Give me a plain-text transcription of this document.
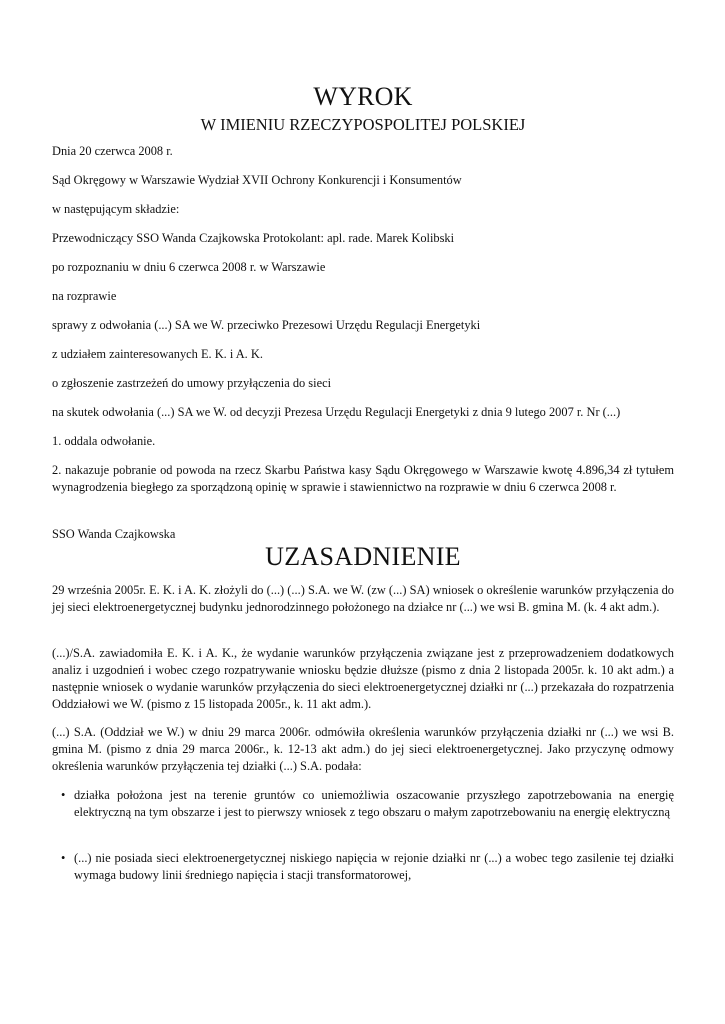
WYROK
W IMIENIU RZECZYPOSPOLITEJ POLSKIEJ
Dnia 20 czerwca 2008 r.
Sąd Okręgowy w Warszawie Wydział XVII Ochrony Konkurencji i Konsumentów
w następującym składzie:
Przewodniczący SSO Wanda Czajkowska Protokolant: apl. rade. Marek Kolibski
po rozpoznaniu w dniu 6 czerwca 2008 r. w Warszawie
na rozprawie
sprawy z odwołania (...) SA we W. przeciwko Prezesowi Urzędu Regulacji Energetyki
z udziałem zainteresowanych E. K. i A. K.
o zgłoszenie zastrzeżeń do umowy przyłączenia do sieci
na skutek odwołania (...) SA we W. od decyzji Prezesa Urzędu Regulacji Energetyki z dnia 9 lutego 2007 r. Nr (...)
1. oddala odwołanie.
2. nakazuje pobranie od powoda na rzecz Skarbu Państwa kasy Sądu Okręgowego w Warszawie kwotę 4.896,34 zł tytułem wynagrodzenia biegłego za sporządzoną opinię w sprawie i stawiennictwo na rozprawie w dniu 6 czerwca 2008 r.
SSO Wanda Czajkowska
UZASADNIENIE
29 września 2005r. E. K. i A. K. złożyli do (...) (...) S.A. we W. (zw (...) SA) wniosek o określenie warunków przyłączenia do jej sieci elektroenergetycznej budynku jednorodzinnego położonego na działce nr (...) we wsi B. gmina M. (k. 4 akt adm.).
(...)/S.A. zawiadomiła E. K. i A. K., że wydanie warunków przyłączenia związane jest z przeprowadzeniem dodatkowych analiz i uzgodnień i wobec czego rozpatrywanie wniosku będzie dłuższe (pismo z dnia 2 listopada 2005r. k. 10 akt adm.) a następnie wniosek o wydanie warunków przyłączenia do sieci elektroenergetycznej działki nr (...) przekazała do rozpatrzenia Oddziałowi we W. (pismo z 15 listopada 2005r., k. 11 akt adm.).
(...) S.A. (Oddział we W.) w dniu 29 marca 2006r. odmówiła określenia warunków przyłączenia działki nr (...) we wsi B. gmina M. (pismo z dnia 29 marca 2006r., k. 12-13 akt adm.) do jej sieci elektroenergetycznej. Jako przyczynę odmowy określenia warunków przyłączenia tej działki (...) S.A. podała:
• działka położona jest na terenie gruntów co uniemożliwia oszacowanie przyszłego zapotrzebowania na energię elektryczną na tym obszarze i jest to pierwszy wniosek z tego obszaru o małym zapotrzebowaniu na energię elektryczną
• (...) nie posiada sieci elektroenergetycznej niskiego napięcia w rejonie działki nr (...) a wobec tego zasilenie tej działki wymaga budowy linii średniego napięcia i stacji transformatorowej,
